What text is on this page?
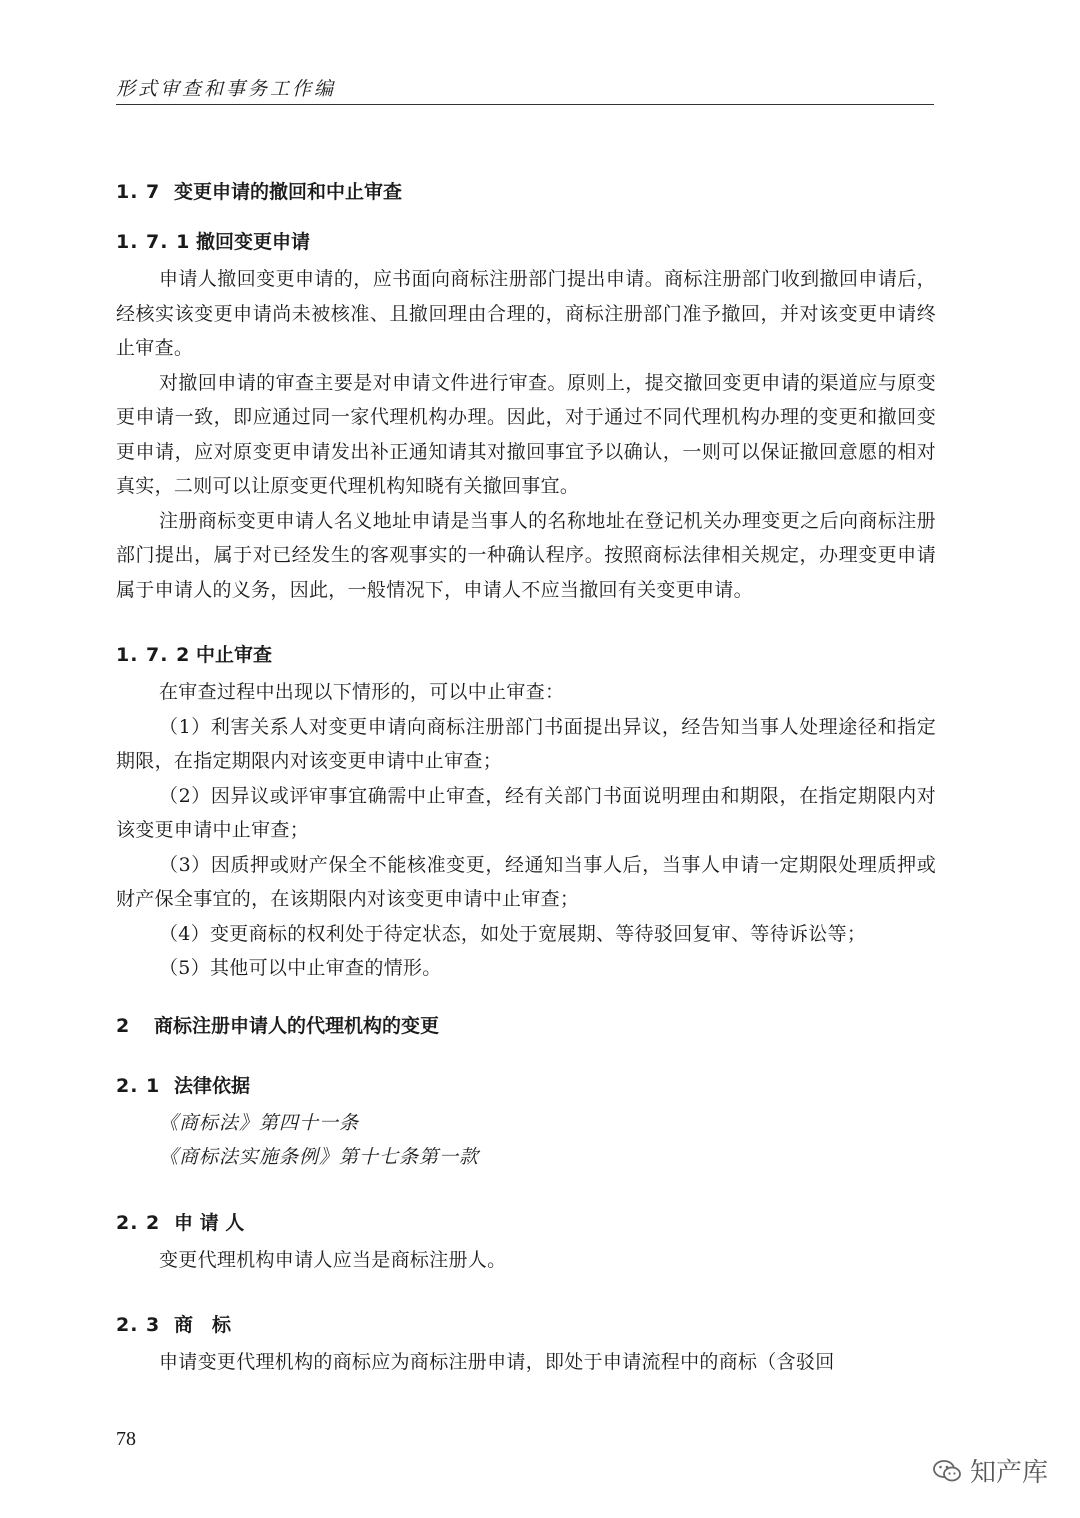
形式审查和事务工作编
1. 7 变更申请的撤回和中止审查
1. 7. 1 撤回变更申请

申请人撤回变更申请的，应书面向商标注册部门提出申请。商标注册部门收到撤回申请后，经核实该变更申请尚未被核准、且撤回理由合理的，商标注册部门准予撤回，并对该变更申请终止审查。

对撤回申请的审查主要是对申请文件进行审查。原则上，提交撤回变更申请的渠道应与原变更申请一致，即应通过同一家代理机构办理。因此，对于通过不同代理机构办理的变更和撤回变更申请，应对原变更申请发出补正通知请其对撤回事宜予以确认，一则可以保证撤回意愿的相对真实，二则可以让原变更代理机构知晓有关撤回事宜。

注册商标变更申请人名义地址申请是当事人的名称地址在登记机关办理变更之后向商标注册部门提出，属于对已经发生的客观事实的一种确认程序。按照商标法律相关规定，办理变更申请属于申请人的义务，因此，一般情况下，申请人不应当撤回有关变更申请。

1. 7. 2 中止审查

在审查过程中出现以下情形的，可以中止审查：

（1）利害关系人对变更申请向商标注册部门书面提出异议，经告知当事人处理途径和指定期限，在指定期限内对该变更申请中止审查；

（2）因异议或评审事宜确需中止审查，经有关部门书面说明理由和期限，在指定期限内对该变更申请中止审查；

（3）因质押或财产保全不能核准变更，经通知当事人后，当事人申请一定期限处理质押或财产保全事宜的，在该期限内对该变更申请中止审查；

（4）变更商标的权利处于待定状态，如处于宽展期、等待驳回复审、等待诉讼等；

（5）其他可以中止审查的情形。

2 商标注册申请人的代理机构的变更
2. 1 法律依据

《商标法》第四十一条

《商标法实施条例》第十七条第一款

2. 2 申 请 人

变更代理机构申请人应当是商标注册人。

2. 3 商　标

申请变更代理机构的商标应为商标注册申请，即处于申请流程中的商标（含驳回

78
知产库
